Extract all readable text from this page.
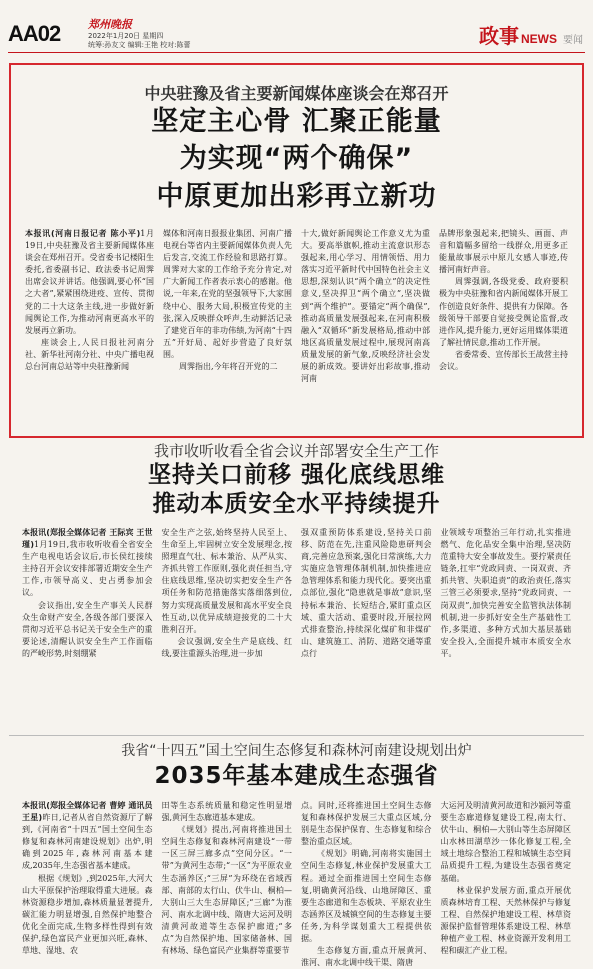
AA02	郑州晚报
2022年1月20日 星期四
统筹:孙友文 编辑:王艳 校对:陈蕾	政事 NEWS 要闻
中央驻豫及省主要新闻媒体座谈会在郑召开
坚定主心骨 汇聚正能量
为实现“两个确保”
中原更加出彩再立新功

本报讯(河南日报记者 陈小平)1月19日,中央驻豫及省主要新闻媒体座谈会在郑州召开。受省委书记楼阳生委托,省委副书记、政法委书记周霁出席会议并讲话。他强调,要心怀“国之大者”,紧紧围绕进疫、宣传、贯彻党的二十大这条主线,进一步做好新闻舆论工作,为推动河南更高水平的发展再立新功。

座谈会上,人民日报社河南分社、新华社河南分社、中央广播电视总台河南总站等中央驻豫新闻

媒体和河南日报报业集团、河南广播电视台等省内主要新闻媒体负责人先后发言,交流工作经验和思路打算。周霁对大家的工作给予充分肯定,对广大新闻工作者表示衷心的感谢。他说,一年来,在党的坚强领导下,大家围绕中心、服务大局,积极宣传党的主张,深入反映群众呼声,生动鲜活记录了建党百年的非功伟绩,为河南“十四五”开好局、起好步营造了良好氛围。

周霁指出,今年将召开党的二

十大,做好新闻舆论工作意义尤为重大。要高举旗帜,推动主流意识形态强起来,用心学习、用情领悟、用力落实习近平新时代中国特色社会主义思想,深刻认识“两个确立”的决定性意义,坚决捍卫“两个确立”,坚决做到“两个维护”。要锚定“两个确保”,推动高质量发展强起来,在河南积极融入“双循环”新发展格局,推动中部地区高质量发展过程中,展现河南高质量发展的新气象,反映经济社会发展的新成效。要讲好出彩故事,推动河南

品牌形象强起来,把镜头、画面、声音和篇幅多留给一线群众,用更多正能量故事展示中原儿女感人事迹,传播河南好声音。

周霁强调,各级党委、政府要积极为中央驻豫和省内新闻媒体开展工作创造良好条件、提供有力保障。各级领导干部要自觉接受舆论监督,改进作风,提升能力,更好运用媒体渠道了解社情民意,推动工作开展。

省委常委、宣传部长王战营主持会议。

我市收听收看全省会议并部署安全生产工作
坚持关口前移 强化底线思维
推动本质安全水平持续提升

本报讯(郑报全媒体记者 王际宾 王世瑾)1月19日,我市收听收看全省安全生产电视电话会议后,市长侯红接续主持召开会议安排部署近期安全生产工作,市领导高义、史占勇参加会议。

会议指出,安全生产事关人民群众生命财产安全,各级各部门要深入贯彻习近平总书记关于安全生产的重要论述,清醒认识安全生产工作面临的严峻形势,时刻绷紧

安全生产之弦,始终坚持人民至上、生命至上,牢固树立安全发展理念,按照理直气壮、标本兼治、从严从实、齐抓共管工作原则,强化责任担当,守住底线思维,坚决切实把安全生产各项任务和防范措施落实落细落到位,努力实现高质量发展和高水平安全良性互动,以优异成绩迎接党的二十大胜利召开。

会议强调,安全生产是底线、红线,要注重源头治理,进一步加

强双重预防体系建设,坚持关口前移、防范在先,注重风险隐患研判会商,完善应急预案,强化日常演练,大力实施应急管理体制机制,加快推进应急管理体系和能力现代化。要突出重点部位,强化“隐患就是事故”意识,坚持标本兼治、长短结合,紧盯重点区域、重大活动、重要时段,开展拉网式排查整治,持续深化煤矿和非煤矿山、建筑施工、消防、道路交通等重点行

业领域专项整治三年行动,扎实推进燃气、危化品安全集中治理,坚决防范重特大安全事故发生。要拧紧责任链条,扛牢“党政同责、一岗双责、齐抓共管、失职追责”的政治责任,落实三管三必须要求,坚持“党政同责、一岗双责”,加快完善安全监管执法体制机制,进一步抓好安全生产基础性工作,多渠道、多种方式加大基层基础安全投入,全面提升城市本质安全水平。

我省“十四五”国土空间生态修复和森林河南建设规划出炉
2035年基本建成生态强省

本报讯(郑报全媒体记者 曹婷 通讯员 王星)昨日,记者从省自然资源厅了解到,《河南省“十四五”国土空间生态修复和森林河南建设规划》出炉,明确到2025年,森林河南基本建成,2035年,生态强省基本建成。

根据《规划》,到2025年,大河大山大平原保护治理取得重大进展。森林资源稳步增加,森林质量显著提升,碳汇能力明显增强,自然保护地整合优化全面完成,生物多样性得到有效保护,绿色富民产业更加兴旺,森林、草地、湿地、农

田等生态系统质量和稳定性明显增强,黄河生态廊道基本建成。

《规划》提出,河南将推进国土空间生态修复和森林河南建设“一带一区三屏三廊多点”空间分区。“一带”为黄河生态带;“一区”为平原农业生态涵养区;“三屏”为环绕在省域西部、南部的太行山、伏牛山、桐柏—大别山三大生态屏障区;“三廊”为淮河、南水北调中线、隋唐大运河及明清黄河故道等生态保护廊道;“多点”为自然保护地、国家储备林、国有林场、绿色富民产业集群等重要节

点。同时,还将推进国土空间生态修复和森林保护发展三大重点区域,分别是生态保护保育、生态修复和综合整治重点区域。

《规划》明确,河南将实施国土空间生态修复,林业保护发展重大工程。通过全面推进国土空间生态修复,明确黄河沿线、山地屏障区、重要生态廊道和生态板块、平原农业生态涵养区及城镇空间的生态修复主要任务,为科学谋划重大工程提供依据。

生态修复方面,重点开展黄河、淮河、南水北调中线干渠、隋唐

大运河及明清黄河故道和沙颍河等重要生态廊道修复建设工程,南太行、伏牛山、桐柏—大别山等生态屏障区山水林田湖草沙一体化修复工程,全域土地综合整治工程和城镇生态空间品质提升工程,为建设生态强省奠定基础。

林业保护发展方面,重点开展优质森林培育工程、天然林保护与修复工程、自然保护地建设工程、林草资源保护监督管理体系建设工程、林草种植产业工程、林业资源开发利用工程和碳汇产业工程。
